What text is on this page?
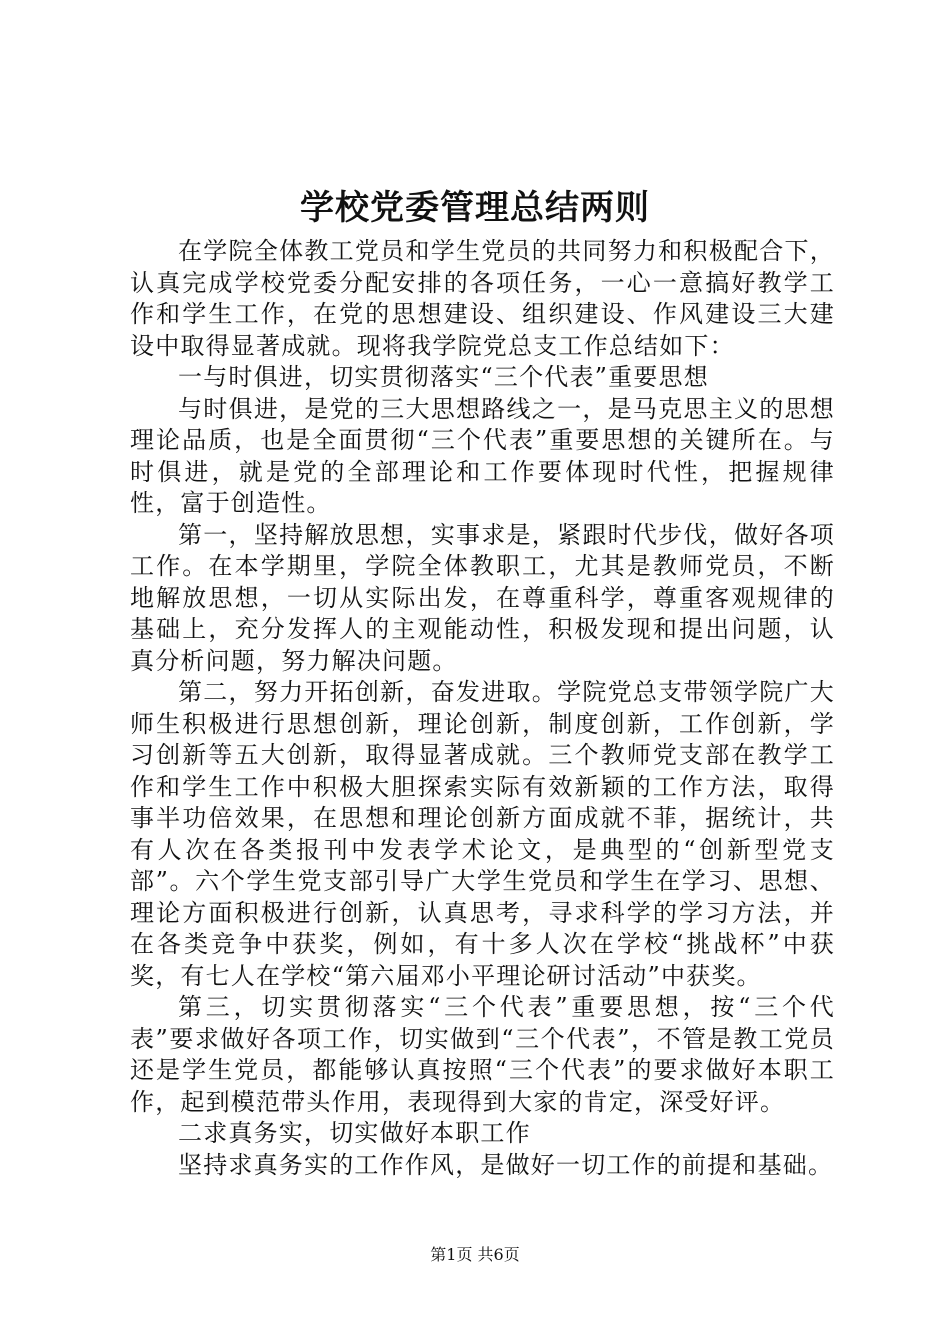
学校党委管理总结两则

在学院全体教工党员和学生党员的共同努力和积极配合下，认真完成学校党委分配安排的各项任务，一心一意搞好教学工作和学生工作，在党的思想建设、组织建设、作风建设三大建设中取得显著成就。现将我学院党总支工作总结如下：

一与时俱进，切实贯彻落实“三个代表”重要思想

与时俱进，是党的三大思想路线之一，是马克思主义的思想理论品质，也是全面贯彻“三个代表”重要思想的关键所在。与时俱进，就是党的全部理论和工作要体现时代性，把握规律性，富于创造性。

第一，坚持解放思想，实事求是，紧跟时代步伐，做好各项工作。在本学期里，学院全体教职工，尤其是教师党员，不断地解放思想，一切从实际出发，在尊重科学，尊重客观规律的基础上，充分发挥人的主观能动性，积极发现和提出问题，认真分析问题，努力解决问题。

第二，努力开拓创新，奋发进取。学院党总支带领学院广大师生积极进行思想创新，理论创新，制度创新，工作创新，学习创新等五大创新，取得显著成就。三个教师党支部在教学工作和学生工作中积极大胆探索实际有效新颖的工作方法，取得事半功倍效果，在思想和理论创新方面成就不菲，据统计，共有人次在各类报刊中发表学术论文，是典型的“创新型党支部”。六个学生党支部引导广大学生党员和学生在学习、思想、理论方面积极进行创新，认真思考，寻求科学的学习方法，并在各类竞争中获奖，例如，有十多人次在学校“挑战杯”中获奖，有七人在学校“第六届邓小平理论研讨活动”中获奖。

第三，切实贯彻落实“三个代表”重要思想，按“三个代表”要求做好各项工作，切实做到“三个代表”，不管是教工党员还是学生党员，都能够认真按照“三个代表”的要求做好本职工作，起到模范带头作用，表现得到大家的肯定，深受好评。

二求真务实，切实做好本职工作

坚持求真务实的工作作风，是做好一切工作的前提和基础。

第1页 共6页
